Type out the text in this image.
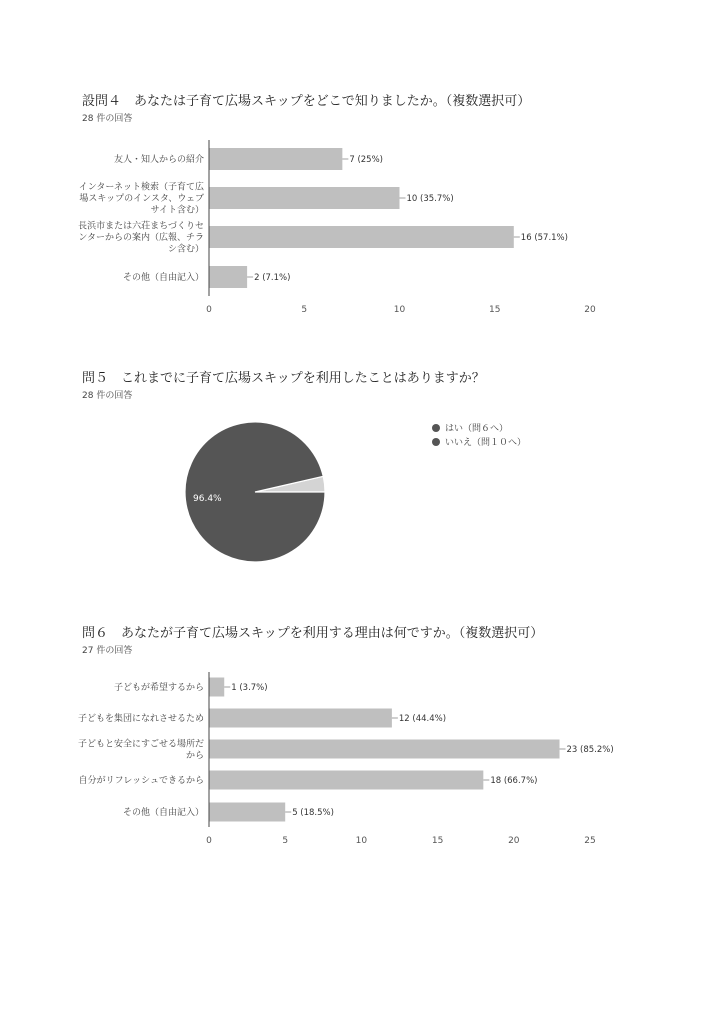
設問４　あなたは子育て広場スキップをどこで知りましたか。（複数選択可）
28 件の回答
7 (25%)
友人・知人からの紹介
10 (35.7%)
インターネット検索（子育て広
場スキップのインスタ、ウェブ
サイト含む）
16 (57.1%)
長浜市または六荘まちづくりセ
ンターからの案内（広報、チラ
シ含む）
2 (7.1%)
その他（自由記入）
0	5	10	15	20
問５　これまでに子育て広場スキップを利用したことはありますか？
28 件の回答
96.4%
はい（問６へ）
いいえ（問１０へ）
問６　あなたが子育て広場スキップを利用する理由は何ですか。（複数選択可）
27 件の回答
1 (3.7%)
子どもが希望するから
12 (44.4%)
子どもを集団になれさせるため
23 (85.2%)
子どもと安全にすごせる場所だ
から
18 (66.7%)
自分がリフレッシュできるから
5 (18.5%)
その他（自由記入）
0	5	10	15	20	25
